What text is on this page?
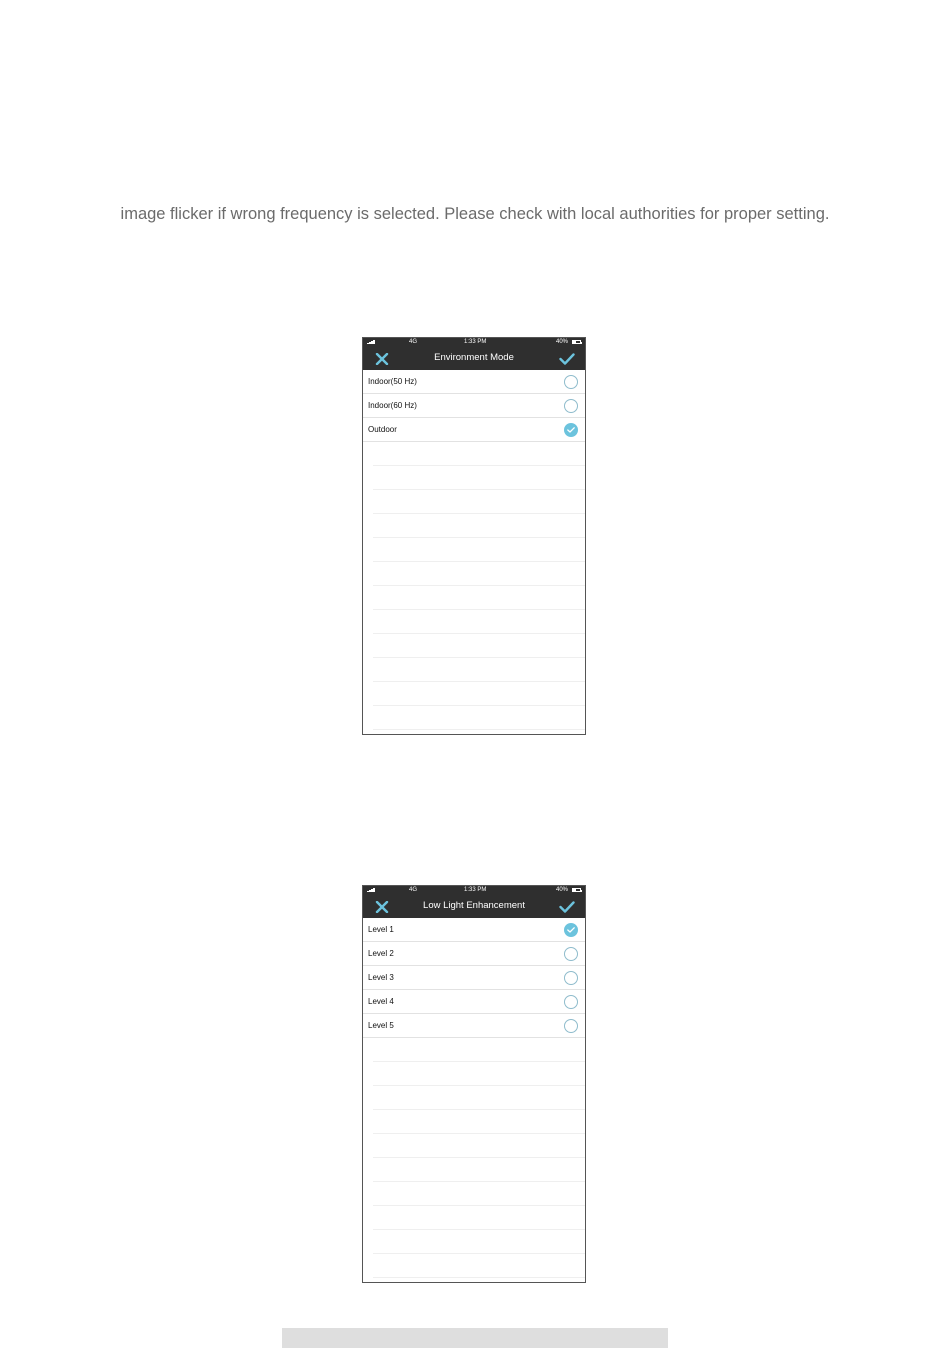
image flicker if wrong frequency is selected. Please check with local authorities for proper setting.
4G	1:33 PM	40%
Environment Mode
Indoor(50 Hz)
Indoor(60 Hz)
Outdoor
4G	1:33 PM	40%
Low Light Enhancement
Level 1
Level 2
Level 3
Level 4
Level 5
